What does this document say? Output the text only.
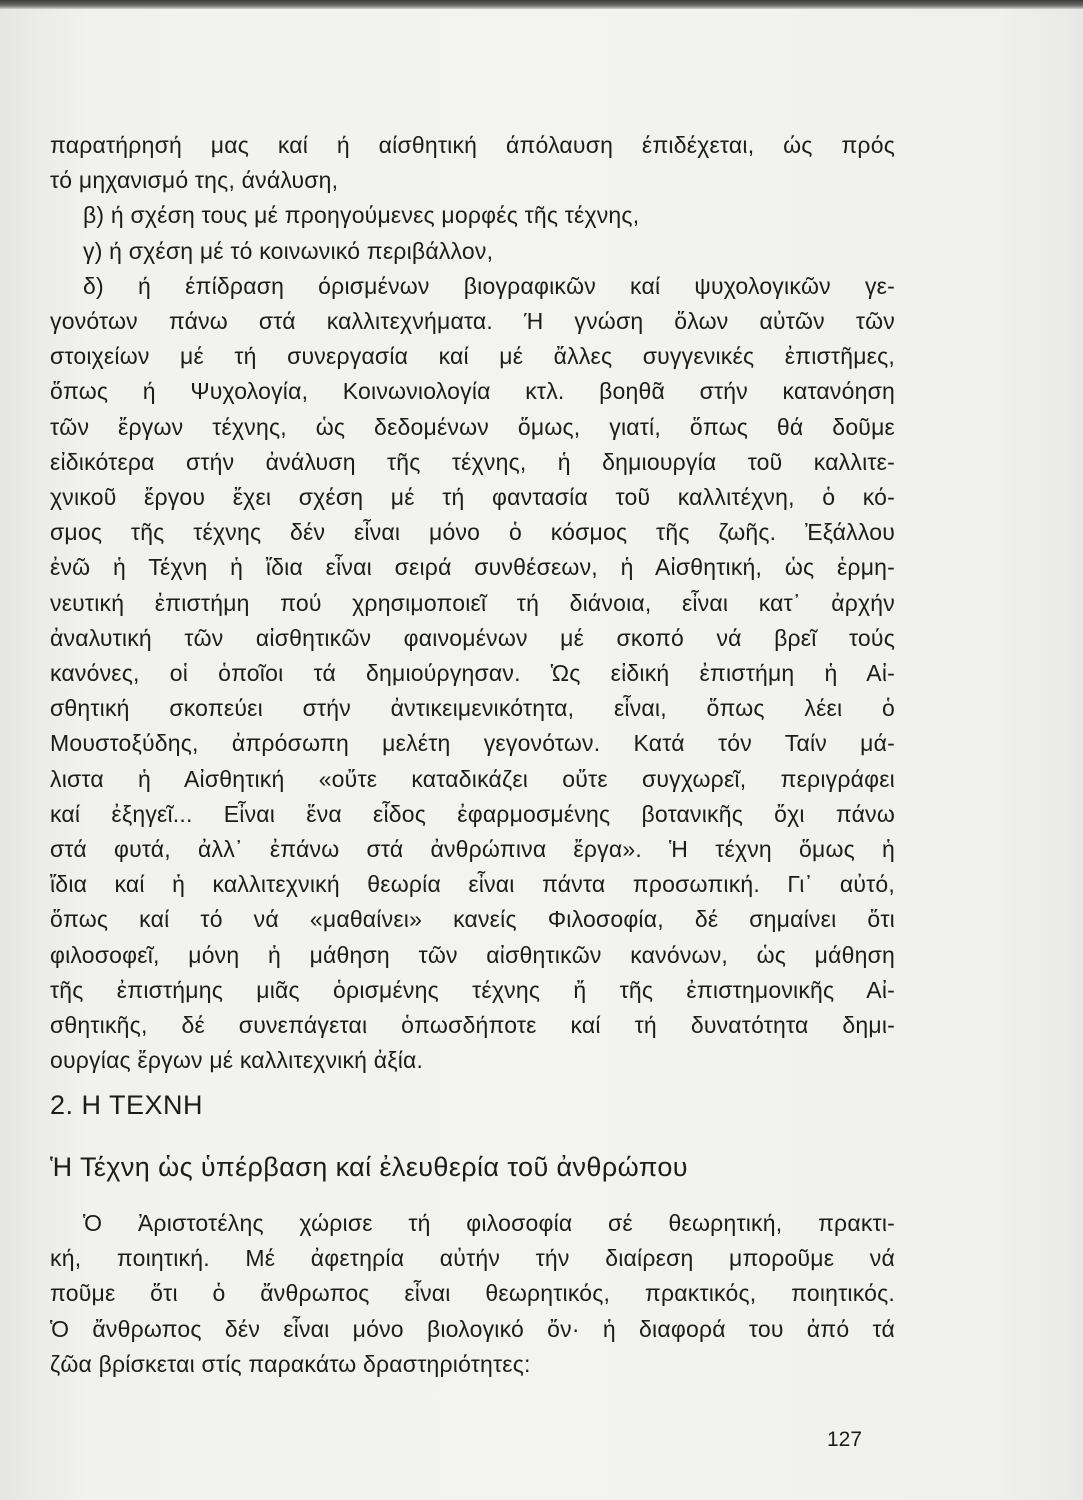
παρατήρησή μας καί ή αίσθητική άπόλαυση έπιδέχεται, ώς πρός
τό μηχανισμό της, άνάλυση,
β) ή σχέση τους μέ προηγούμενες μορφές τῆς τέχνης,
γ) ή σχέση μέ τό κοινωνικό περιβάλλον,
δ) ή έπίδραση όρισμένων βιογραφικῶν καί ψυχολογικῶν γε-
γονότων πάνω στά καλλιτεχνήματα. Ή γνώση ὅλων αὐτῶν τῶν
στοιχείων μέ τή συνεργασία καί μέ ἄλλες συγγενικές ἐπιστῆμες,
ὅπως ή Ψυχολογία, Κοινωνιολογία κτλ. βοηθᾶ στήν κατανόηση
τῶν ἔργων τέχνης, ὡς δεδομένων ὅμως, γιατί, ὅπως θά δοῦμε
εἰδικότερα στήν ἀνάλυση τῆς τέχνης, ἡ δημιουργία τοῦ καλλιτε-
χνικοῦ ἔργου ἔχει σχέση μέ τή φαντασία τοῦ καλλιτέχνη, ὁ κό-
σμος τῆς τέχνης δέν εἶναι μόνο ὁ κόσμος τῆς ζωῆς. Ἐξάλλου
ἐνῶ ἡ Τέχνη ἡ ἴδια εἶναι σειρά συνθέσεων, ἡ Αἰσθητική, ὡς ἑρμη-
νευτική ἐπιστήμη πού χρησιμοποιεῖ τή διάνοια, εἶναι κατ᾽ ἀρχήν
ἀναλυτική τῶν αἰσθητικῶν φαινομένων μέ σκοπό νά βρεῖ τούς
κανόνες, οἱ ὁποῖοι τά δημιούργησαν. Ὡς εἰδική ἐπιστήμη ἡ Αἰ-
σθητική σκοπεύει στήν ἀντικειμενικότητα, εἶναι, ὅπως λέει ὁ
Μουστοξύδης, ἀπρόσωπη μελέτη γεγονότων. Κατά τόν Ταίν μά-
λιστα ἡ Αἰσθητική «οὔτε καταδικάζει οὔτε συγχωρεῖ, περιγράφει
καί ἐξηγεῖ... Εἶναι ἕνα εἶδος ἐφαρμοσμένης βοτανικῆς ὄχι πάνω
στά φυτά, ἀλλ᾽ ἐπάνω στά ἀνθρώπινα ἔργα». Ἡ τέχνη ὅμως ἡ
ἴδια καί ἡ καλλιτεχνική θεωρία εἶναι πάντα προσωπική. Γι᾽ αὐτό,
ὅπως καί τό νά «μαθαίνει» κανείς Φιλοσοφία, δέ σημαίνει ὅτι
φιλοσοφεῖ, μόνη ἡ μάθηση τῶν αἰσθητικῶν κανόνων, ὡς μάθηση
τῆς ἐπιστήμης μιᾶς ὁρισμένης τέχνης ἤ τῆς ἐπιστημονικῆς Αἰ-
σθητικῆς, δέ συνεπάγεται ὁπωσδήποτε καί τή δυνατότητα δημι-
ουργίας ἔργων μέ καλλιτεχνική ἀξία.
2. Η ΤΕΧΝΗ
Ἡ Τέχνη ὡς ὑπέρβαση καί ἐλευθερία τοῦ ἀνθρώπου
Ὁ Ἀριστοτέλης χώρισε τή φιλοσοφία σέ θεωρητική, πρακτι-
κή, ποιητική. Μέ ἀφετηρία αὐτήν τήν διαίρεση μποροῦμε νά
ποῦμε ὅτι ὁ ἄνθρωπος εἶναι θεωρητικός, πρακτικός, ποιητικός.
Ὁ ἄνθρωπος δέν εἶναι μόνο βιολογικό ὄν· ἡ διαφορά του ἀπό τά
ζῶα βρίσκεται στίς παρακάτω δραστηριότητες:
127
